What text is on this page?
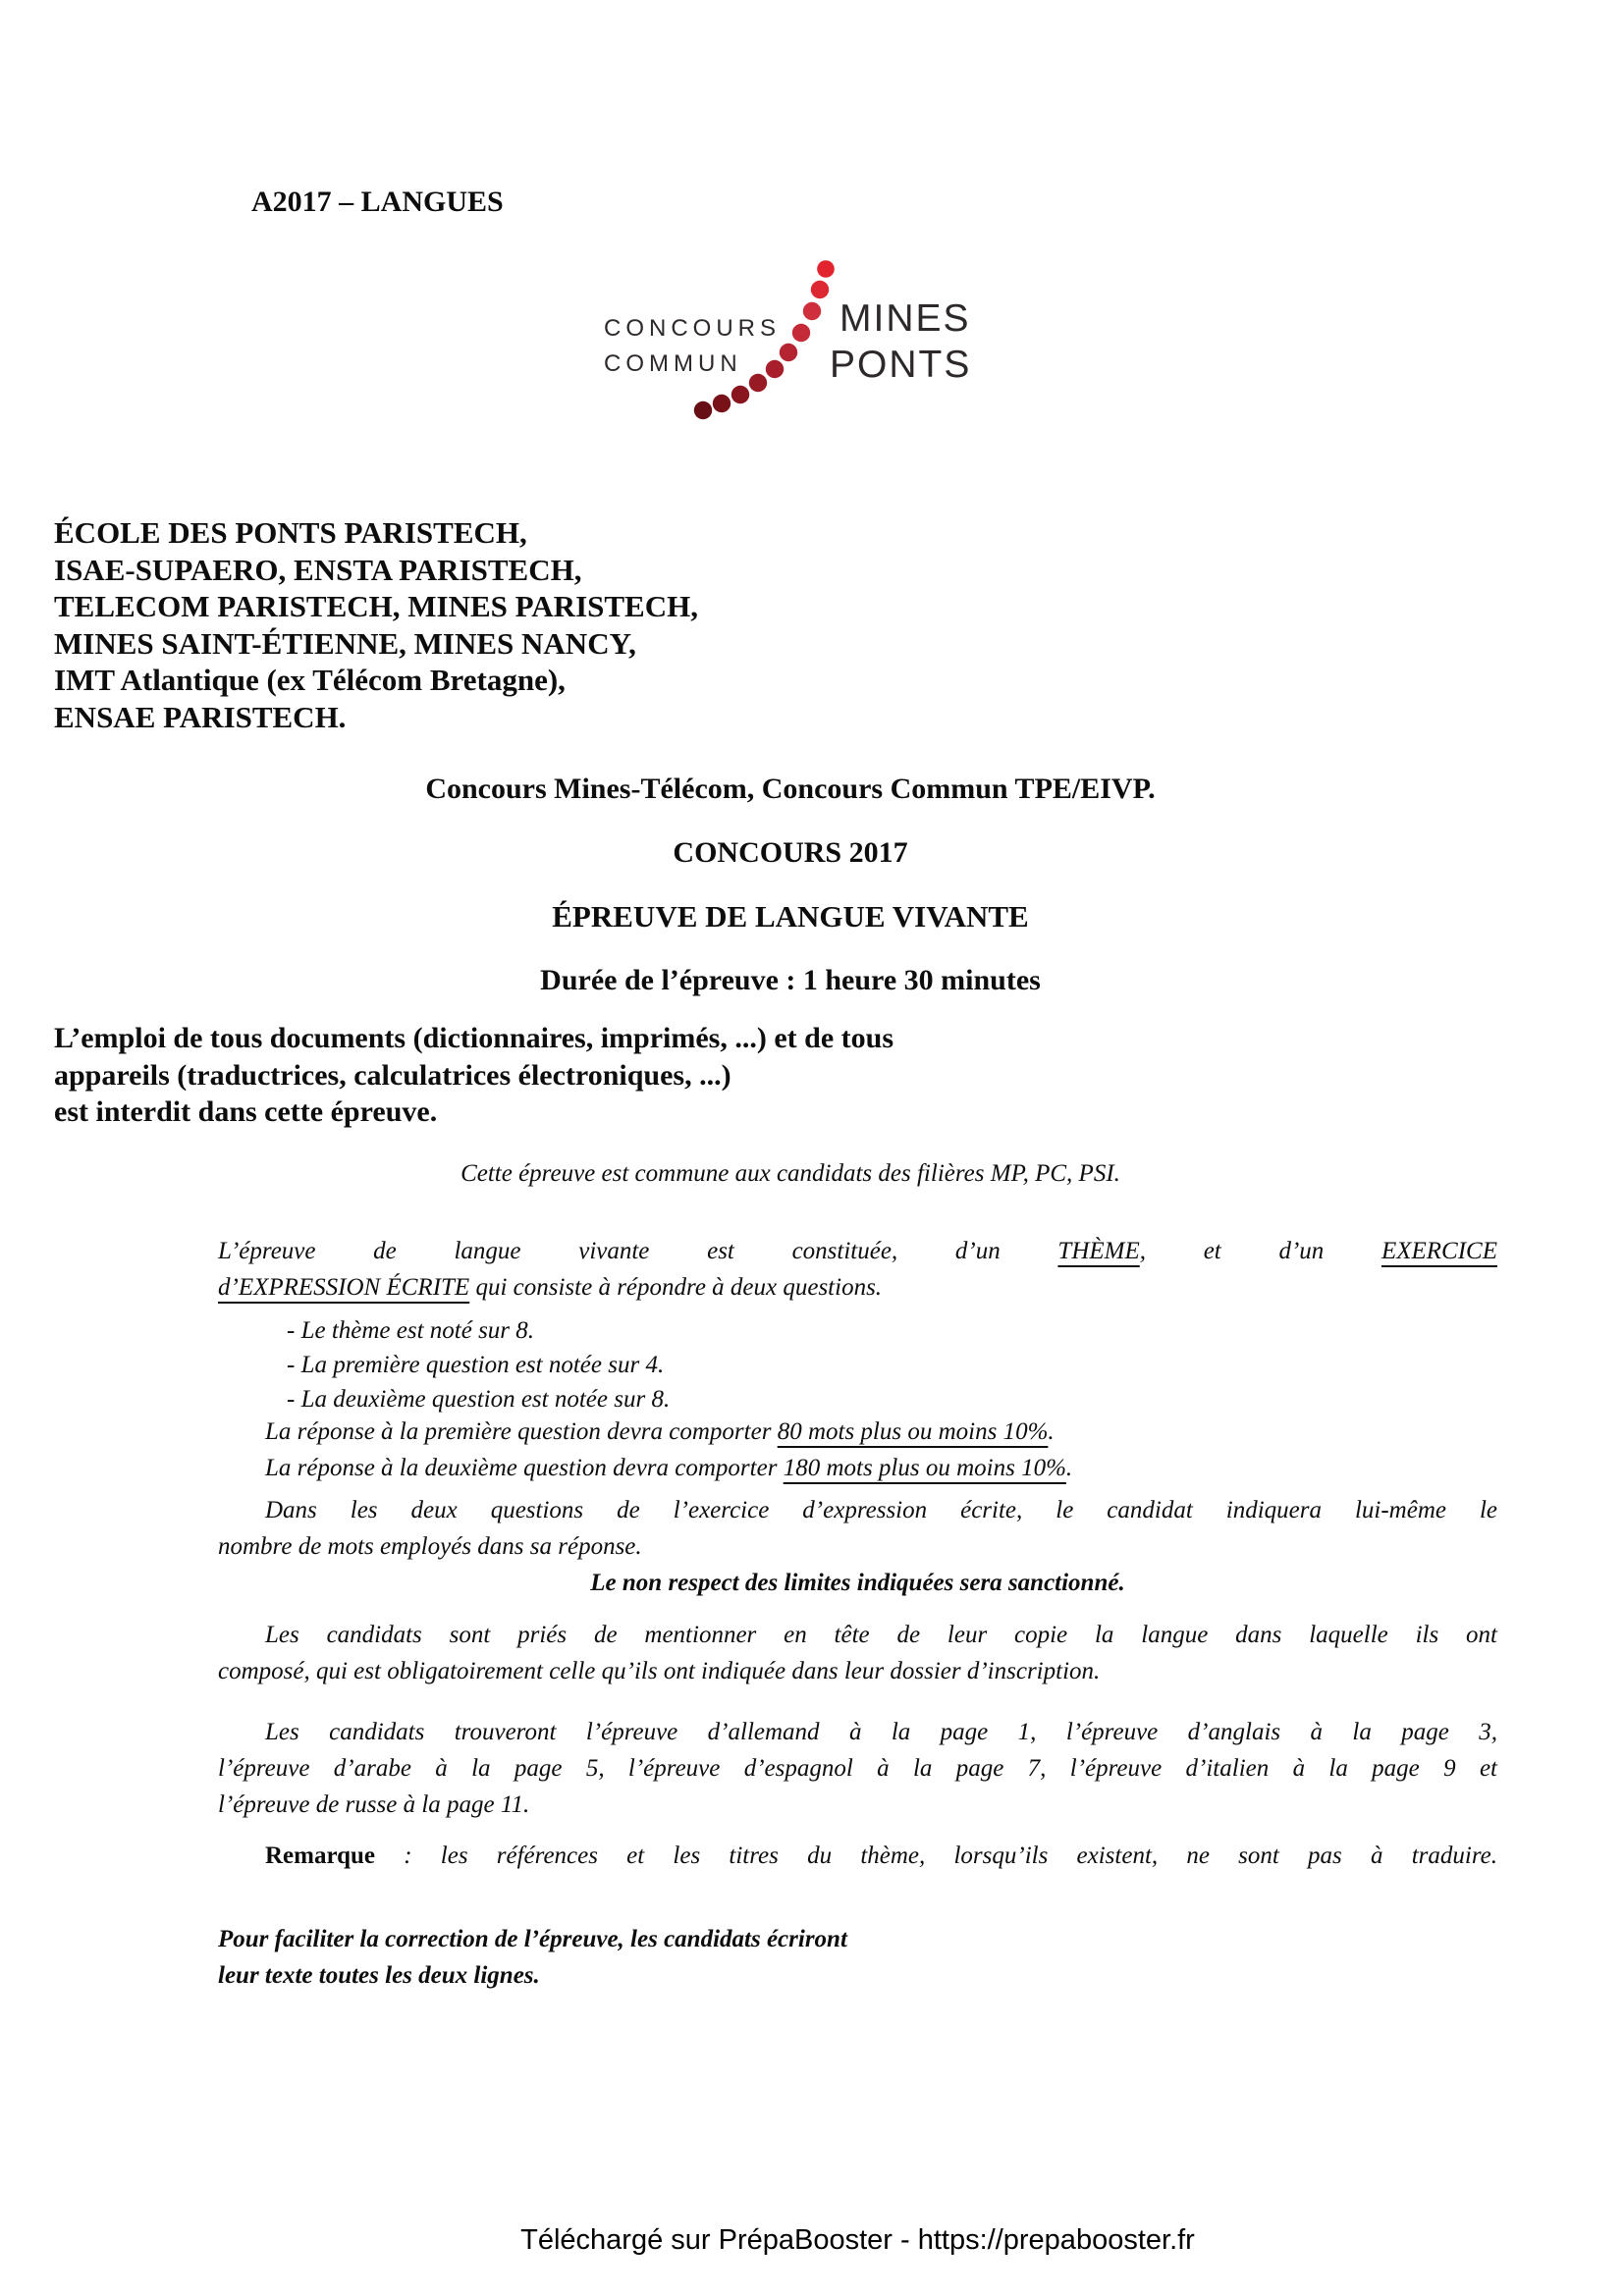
A2017 – LANGUES
CONCOURS
COMMUN
MINES
PONTS
ÉCOLE DES PONTS PARISTECH,
ISAE-SUPAERO, ENSTA PARISTECH,
TELECOM PARISTECH, MINES PARISTECH,
MINES SAINT-ÉTIENNE, MINES NANCY,
IMT Atlantique (ex Télécom Bretagne),
ENSAE PARISTECH.
Concours Mines-Télécom, Concours Commun TPE/EIVP.
CONCOURS 2017
ÉPREUVE DE LANGUE VIVANTE
Durée de l’épreuve : 1 heure 30 minutes
L’emploi de tous documents (dictionnaires, imprimés, ...) et de tous
appareils (traductrices, calculatrices électroniques, ...)
est interdit dans cette épreuve.
Cette épreuve est commune aux candidats des filières MP, PC, PSI.
L’épreuve de langue vivante est constituée, d’un THÈME, et d’un EXERCICE
d’EXPRESSION ÉCRITE qui consiste à répondre à deux questions.
- Le thème est noté sur 8.
- La première question est notée sur 4.
- La deuxième question est notée sur 8.
La réponse à la première question devra comporter 80 mots plus ou moins 10%.
La réponse à la deuxième question devra comporter 180 mots plus ou moins 10%.
Dans les deux questions de l’exercice d’expression écrite, le candidat indiquera lui-même le
nombre de mots employés dans sa réponse.
Le non respect des limites indiquées sera sanctionné.
Les candidats sont priés de mentionner en tête de leur copie la langue dans laquelle ils ont
composé, qui est obligatoirement celle qu’ils ont indiquée dans leur dossier d’inscription.
Les candidats trouveront l’épreuve d’allemand à la page 1, l’épreuve d’anglais à la page 3,
l’épreuve d’arabe à la page 5, l’épreuve d’espagnol à la page 7, l’épreuve d’italien à la page 9 et
l’épreuve de russe à la page 11.
Remarque : les références et les titres du thème, lorsqu’ils existent, ne sont pas à traduire.
Pour faciliter la correction de l’épreuve, les candidats écriront
leur texte toutes les deux lignes.
Téléchargé sur PrépaBooster - https://prepabooster.fr
